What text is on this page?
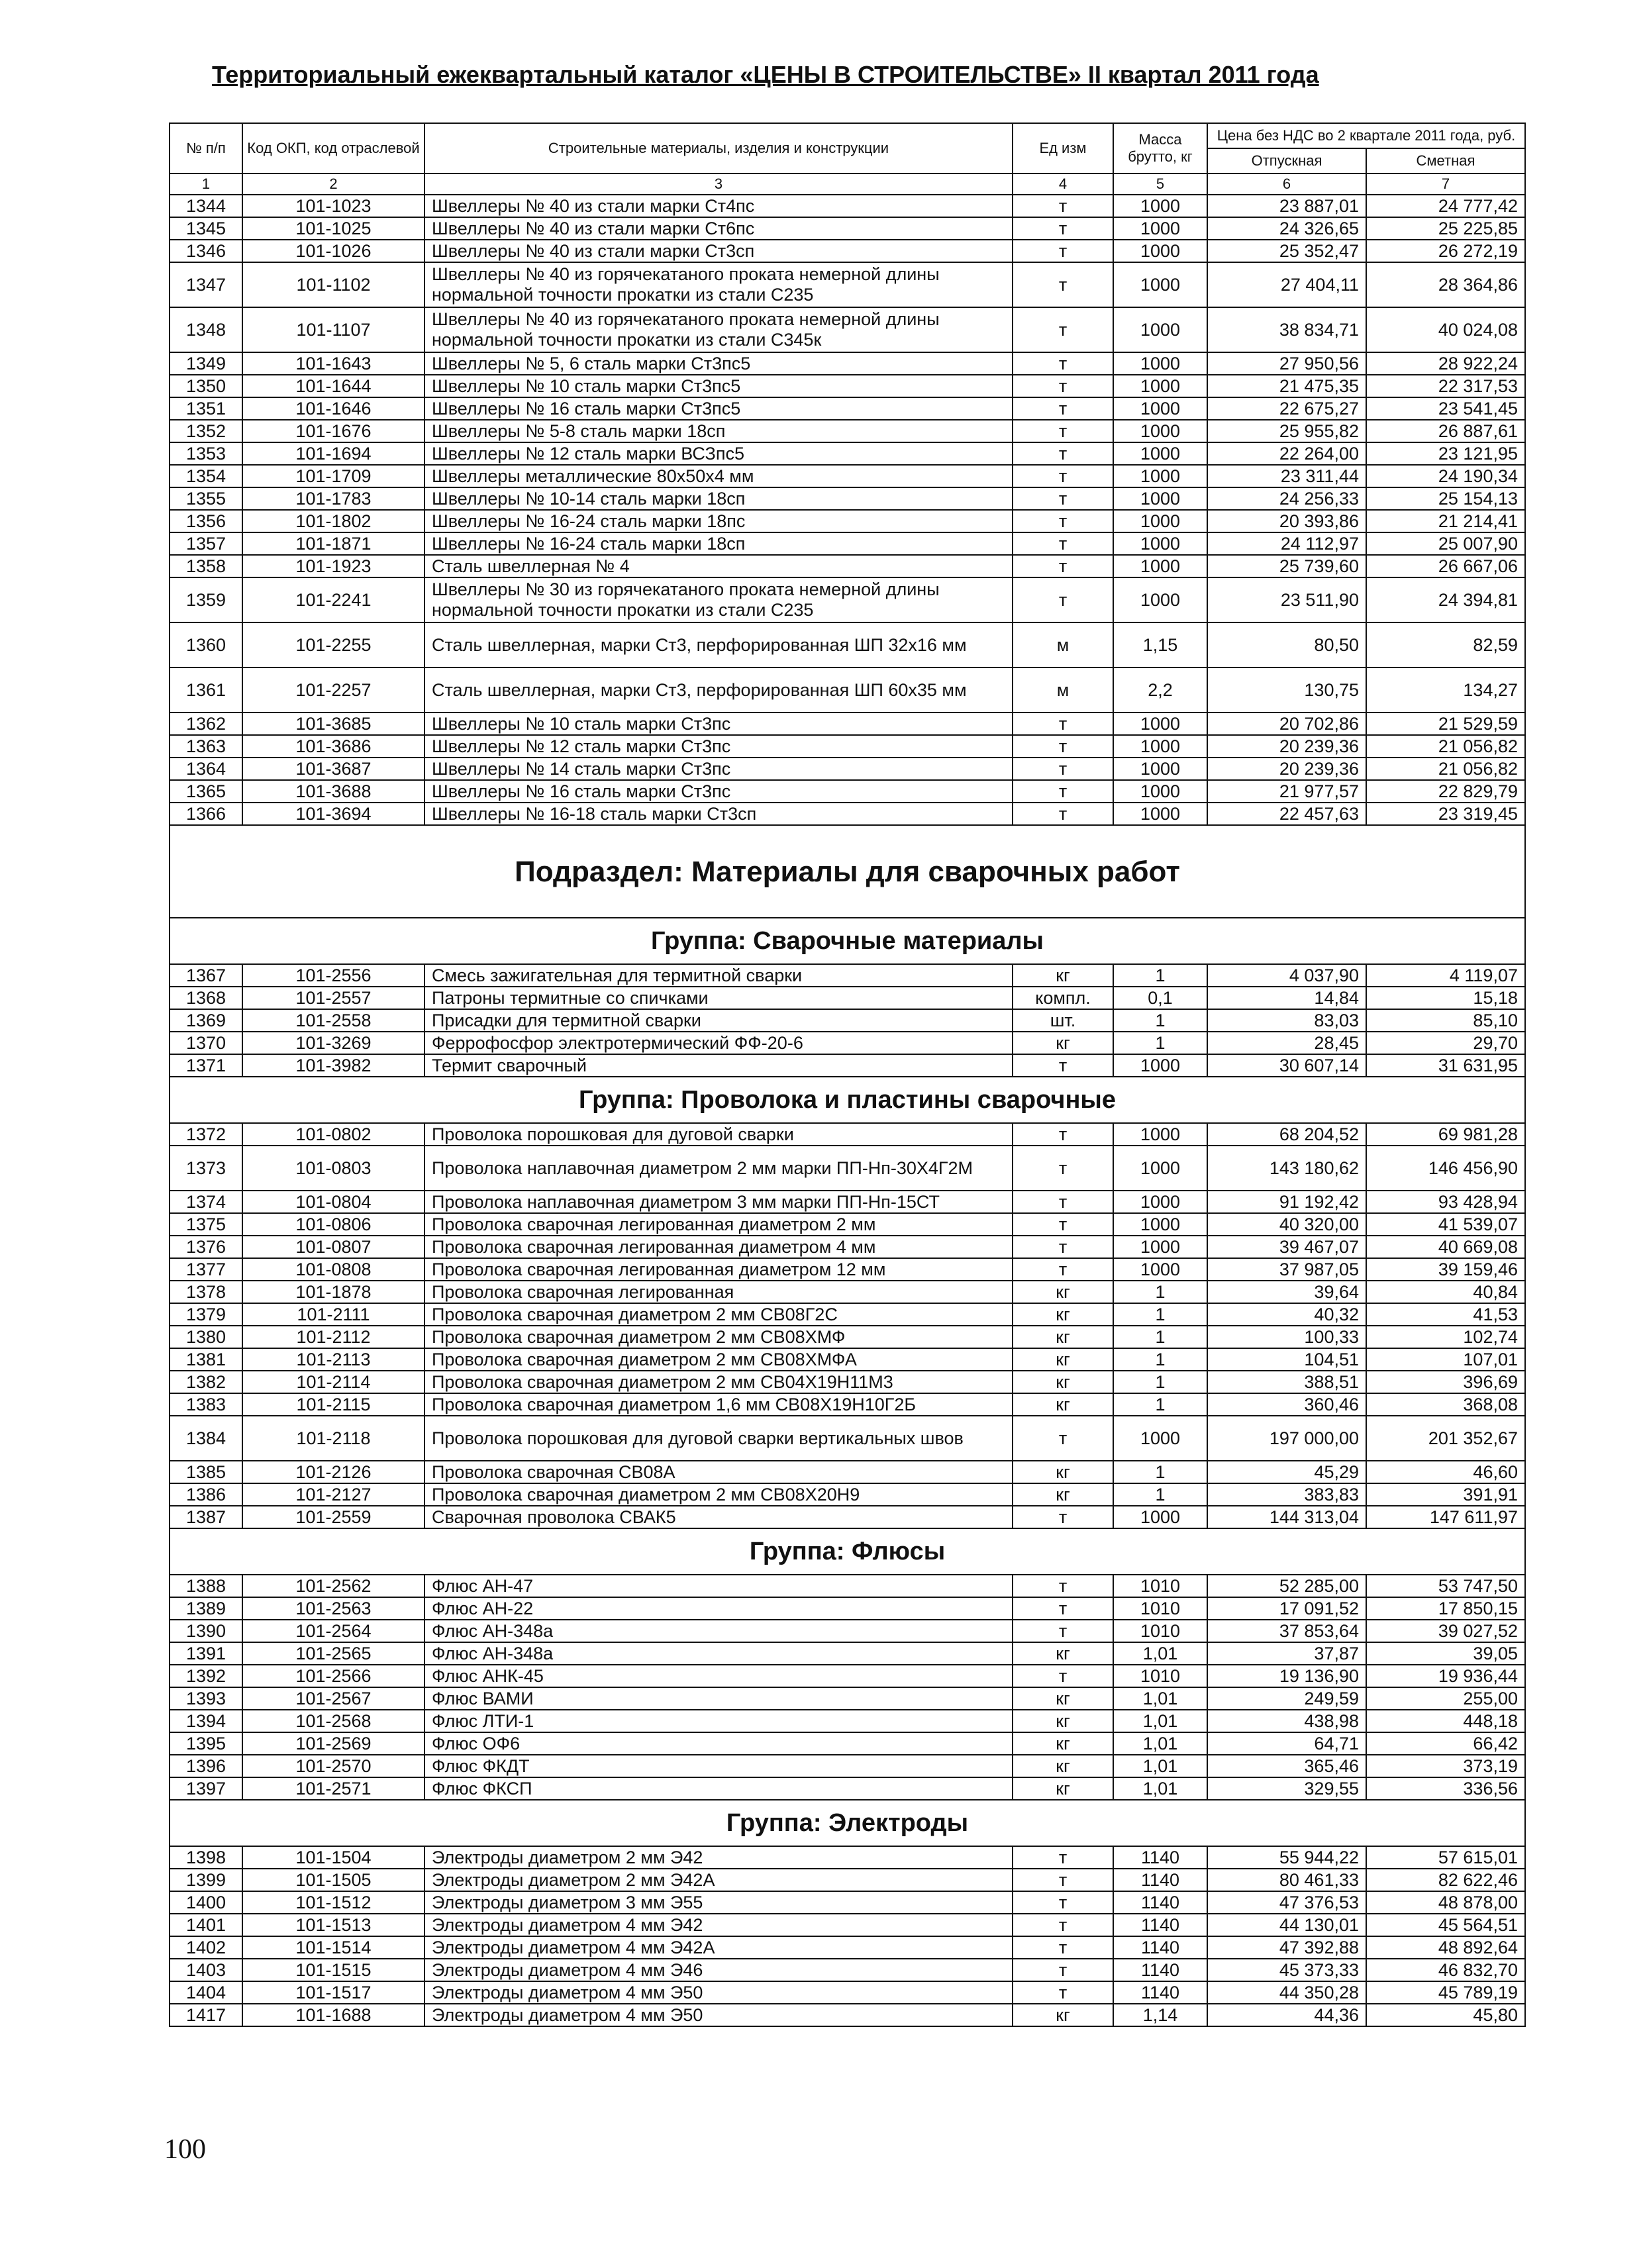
Территориальный ежеквартальный каталог «ЦЕНЫ В СТРОИТЕЛЬСТВЕ» II квартал 2011 года
№ п/п	Код ОКП, код отраслевой	Строительные материалы, изделия и конструкции	Ед изм	Масса брутто, кг	Цена без НДС во 2 квартале 2011 года, руб.	
					Отпускная	Сметная
1	2	3	4	5	6	7
1344	101-1023	Швеллеры № 40 из стали марки Ст4пс	т	1000	23 887,01	24 777,42
1345	101-1025	Швеллеры № 40 из стали марки Ст6пс	т	1000	24 326,65	25 225,85
1346	101-1026	Швеллеры № 40 из стали марки Ст3сп	т	1000	25 352,47	26 272,19
1347	101-1102	Швеллеры № 40 из горячекатаного проката немерной длины нормальной точности прокатки из стали С235	т	1000	27 404,11	28 364,86
1348	101-1107	Швеллеры № 40 из горячекатаного проката немерной длины нормальной точности прокатки из стали С345к	т	1000	38 834,71	40 024,08
1349	101-1643	Швеллеры № 5, 6 сталь марки Ст3пс5	т	1000	27 950,56	28 922,24
1350	101-1644	Швеллеры № 10 сталь марки Ст3пс5	т	1000	21 475,35	22 317,53
1351	101-1646	Швеллеры № 16 сталь марки Ст3пс5	т	1000	22 675,27	23 541,45
1352	101-1676	Швеллеры № 5-8 сталь марки 18сп	т	1000	25 955,82	26 887,61
1353	101-1694	Швеллеры № 12 сталь марки ВСЗпс5	т	1000	22 264,00	23 121,95
1354	101-1709	Швеллеры металлические 80х50х4 мм	т	1000	23 311,44	24 190,34
1355	101-1783	Швеллеры № 10-14 сталь марки 18сп	т	1000	24 256,33	25 154,13
1356	101-1802	Швеллеры № 16-24 сталь марки 18пс	т	1000	20 393,86	21 214,41
1357	101-1871	Швеллеры № 16-24 сталь марки 18сп	т	1000	24 112,97	25 007,90
1358	101-1923	Сталь швеллерная № 4	т	1000	25 739,60	26 667,06
1359	101-2241	Швеллеры № 30 из горячекатаного проката немерной длины нормальной точности прокатки из стали С235	т	1000	23 511,90	24 394,81
1360	101-2255	Сталь швеллерная, марки Ст3, перфорированная ШП 32х16 мм	м	1,15	80,50	82,59
1361	101-2257	Сталь швеллерная, марки Ст3, перфорированная ШП 60х35 мм	м	2,2	130,75	134,27
1362	101-3685	Швеллеры № 10 сталь марки Ст3пс	т	1000	20 702,86	21 529,59
1363	101-3686	Швеллеры № 12 сталь марки Ст3пс	т	1000	20 239,36	21 056,82
1364	101-3687	Швеллеры № 14 сталь марки Ст3пс	т	1000	20 239,36	21 056,82
1365	101-3688	Швеллеры № 16 сталь марки Ст3пс	т	1000	21 977,57	22 829,79
1366	101-3694	Швеллеры № 16-18 сталь марки Ст3сп	т	1000	22 457,63	23 319,45
Подраздел: Материалы для сварочных работ						
Группа: Сварочные материалы						
1367	101-2556	Смесь зажигательная для термитной сварки	кг	1	4 037,90	4 119,07
1368	101-2557	Патроны термитные со спичками	компл.	0,1	14,84	15,18
1369	101-2558	Присадки для термитной сварки	шт.	1	83,03	85,10
1370	101-3269	Феррофосфор электротермический ФФ-20-6	кг	1	28,45	29,70
1371	101-3982	Термит сварочный	т	1000	30 607,14	31 631,95
Группа: Проволока и пластины сварочные						
1372	101-0802	Проволока порошковая для дуговой сварки	т	1000	68 204,52	69 981,28
1373	101-0803	Проволока наплавочная диаметром 2 мм марки ПП-Нп-30Х4Г2М	т	1000	143 180,62	146 456,90
1374	101-0804	Проволока наплавочная диаметром 3 мм марки ПП-Нп-15СТ	т	1000	91 192,42	93 428,94
1375	101-0806	Проволока сварочная легированная диаметром 2 мм	т	1000	40 320,00	41 539,07
1376	101-0807	Проволока сварочная легированная диаметром 4 мм	т	1000	39 467,07	40 669,08
1377	101-0808	Проволока сварочная легированная диаметром 12 мм	т	1000	37 987,05	39 159,46
1378	101-1878	Проволока сварочная легированная	кг	1	39,64	40,84
1379	101-2111	Проволока сварочная диаметром 2 мм СВ08Г2С	кг	1	40,32	41,53
1380	101-2112	Проволока сварочная диаметром 2 мм СВ08ХМФ	кг	1	100,33	102,74
1381	101-2113	Проволока сварочная диаметром 2 мм СВ08ХМФА	кг	1	104,51	107,01
1382	101-2114	Проволока сварочная диаметром 2 мм СВ04Х19Н11М3	кг	1	388,51	396,69
1383	101-2115	Проволока сварочная диаметром 1,6 мм СВ08Х19Н10Г2Б	кг	1	360,46	368,08
1384	101-2118	Проволока порошковая для дуговой сварки вертикальных швов	т	1000	197 000,00	201 352,67
1385	101-2126	Проволока сварочная СВ08А	кг	1	45,29	46,60
1386	101-2127	Проволока сварочная диаметром 2 мм СВ08Х20Н9	кг	1	383,83	391,91
1387	101-2559	Сварочная проволока СВАК5	т	1000	144 313,04	147 611,97
Группа: Флюсы						
1388	101-2562	Флюс АН-47	т	1010	52 285,00	53 747,50
1389	101-2563	Флюс АН-22	т	1010	17 091,52	17 850,15
1390	101-2564	Флюс АН-348а	т	1010	37 853,64	39 027,52
1391	101-2565	Флюс АН-348а	кг	1,01	37,87	39,05
1392	101-2566	Флюс АНК-45	т	1010	19 136,90	19 936,44
1393	101-2567	Флюс ВАМИ	кг	1,01	249,59	255,00
1394	101-2568	Флюс ЛТИ-1	кг	1,01	438,98	448,18
1395	101-2569	Флюс ОФ6	кг	1,01	64,71	66,42
1396	101-2570	Флюс ФКДТ	кг	1,01	365,46	373,19
1397	101-2571	Флюс ФКСП	кг	1,01	329,55	336,56
Группа: Электроды						
1398	101-1504	Электроды диаметром 2 мм Э42	т	1140	55 944,22	57 615,01
1399	101-1505	Электроды диаметром 2 мм Э42А	т	1140	80 461,33	82 622,46
1400	101-1512	Электроды диаметром 3 мм Э55	т	1140	47 376,53	48 878,00
1401	101-1513	Электроды диаметром 4 мм Э42	т	1140	44 130,01	45 564,51
1402	101-1514	Электроды диаметром 4 мм Э42А	т	1140	47 392,88	48 892,64
1403	101-1515	Электроды диаметром 4 мм Э46	т	1140	45 373,33	46 832,70
1404	101-1517	Электроды диаметром 4 мм Э50	т	1140	44 350,28	45 789,19
1417	101-1688	Электроды диаметром 4 мм Э50	кг	1,14	44,36	45,80
100
